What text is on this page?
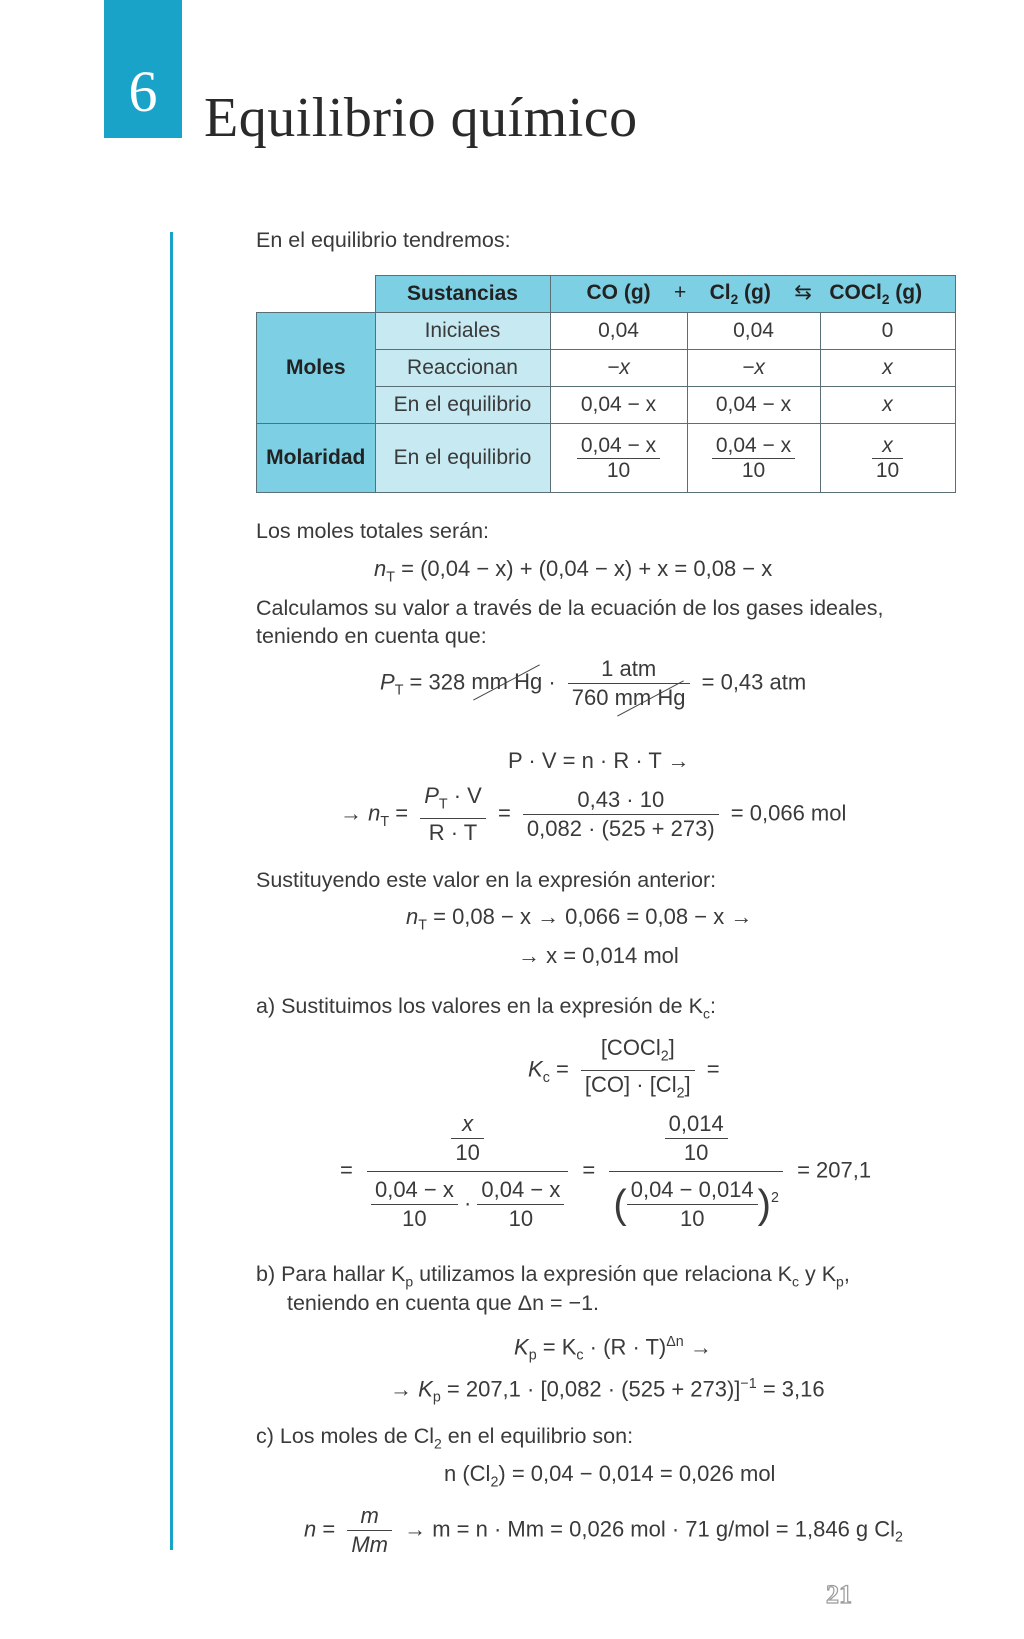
6 Equilibrio químico
En el equilibrio tendremos:
	Sustancias	CO $(g) + Cl_2$ (g) ⇆ COCl$_2$ (g)		
Moles	Iniciales	0,04	0,04	0
	Reaccionan	−x	−x	x
	En el equilibrio	0,04 − x	0,04 − x	x
Molaridad	En el equilibrio	$\frac{0,04 - x}{10}$	$\frac{0,04 - x}{10}$	$\frac{x}{10}$
Los moles totales serán:
$n_T = (0,04 - x) + (0,04 - x) + x = 0,08 - x$
Calculamos su valor a través de la ecuación de los gases ideales,
teniendo en cuenta que:
$P_T = 328$ mm $Hg \cdot \frac{\text{1 atm}}{\text{760 mm Hg}} = 0,43$ atm
P · V = n · R · T →
→ $n_T = \frac{P_T \cdot V}{R \cdot T} = \frac{0,43 \cdot 10}{0,082 \cdot (525 + 273)} = 0,066$ mol
Sustituyendo este valor en la expresión anterior:
$n_T = 0,08 - x \to 0,066 = 0,08 - x$ →
→ x = 0,014 mol
a) Sustituimos los valores en la expresión de $K_c$:
$K_c = \frac{[COCl_2]}{[CO] \cdot [Cl_2]}$ =
= $\frac{\frac{x}{10}}{\frac{0,04 - x}{10} \cdot \frac{0,04 - x}{10}} = \frac{\frac{0,014}{10}}{( \frac{0,04 - 0,014}{10} )^2} = 207,1$
b) Para hallar $K_p$ utilizamos la expresión que relaciona $K_c$ y $K_p$,
teniendo en cuenta que Δn = −1.
$K_p = K_c \cdot (R \cdot T)^{\Delta n}$ →
→ $K_p = 207,1 \cdot [0,082 \cdot (525 + 273)]^{-1} = 3,16$
c) Los moles de $Cl_2$ en el equilibrio son:
n $(Cl_2) = 0,04 - 0,014 = 0,026$ mol
$n = \frac{m}{Mm} \to m = n \cdot Mm = 0,026$ mol · 71 g/mol = 1,846 g $Cl_2$
21
